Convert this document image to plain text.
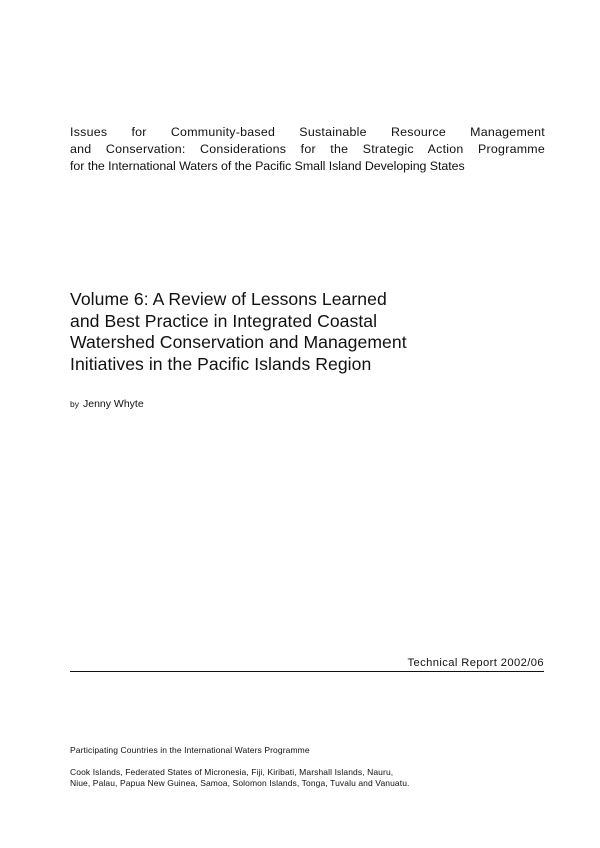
Issues for Community-based Sustainable Resource Management
and Conservation: Considerations for the Strategic Action Programme
for the International Waters of the Pacific Small Island Developing States
Volume 6: A Review of Lessons Learned
and Best Practice in Integrated Coastal
Watershed Conservation and Management
Initiatives in the Pacific Islands Region
by Jenny Whyte
Technical Report 2002/06
Participating Countries in the International Waters Programme
Cook Islands, Federated States of Micronesia, Fiji, Kiribati, Marshall Islands, Nauru,
Niue, Palau, Papua New Guinea, Samoa, Solomon Islands, Tonga, Tuvalu and Vanuatu.
